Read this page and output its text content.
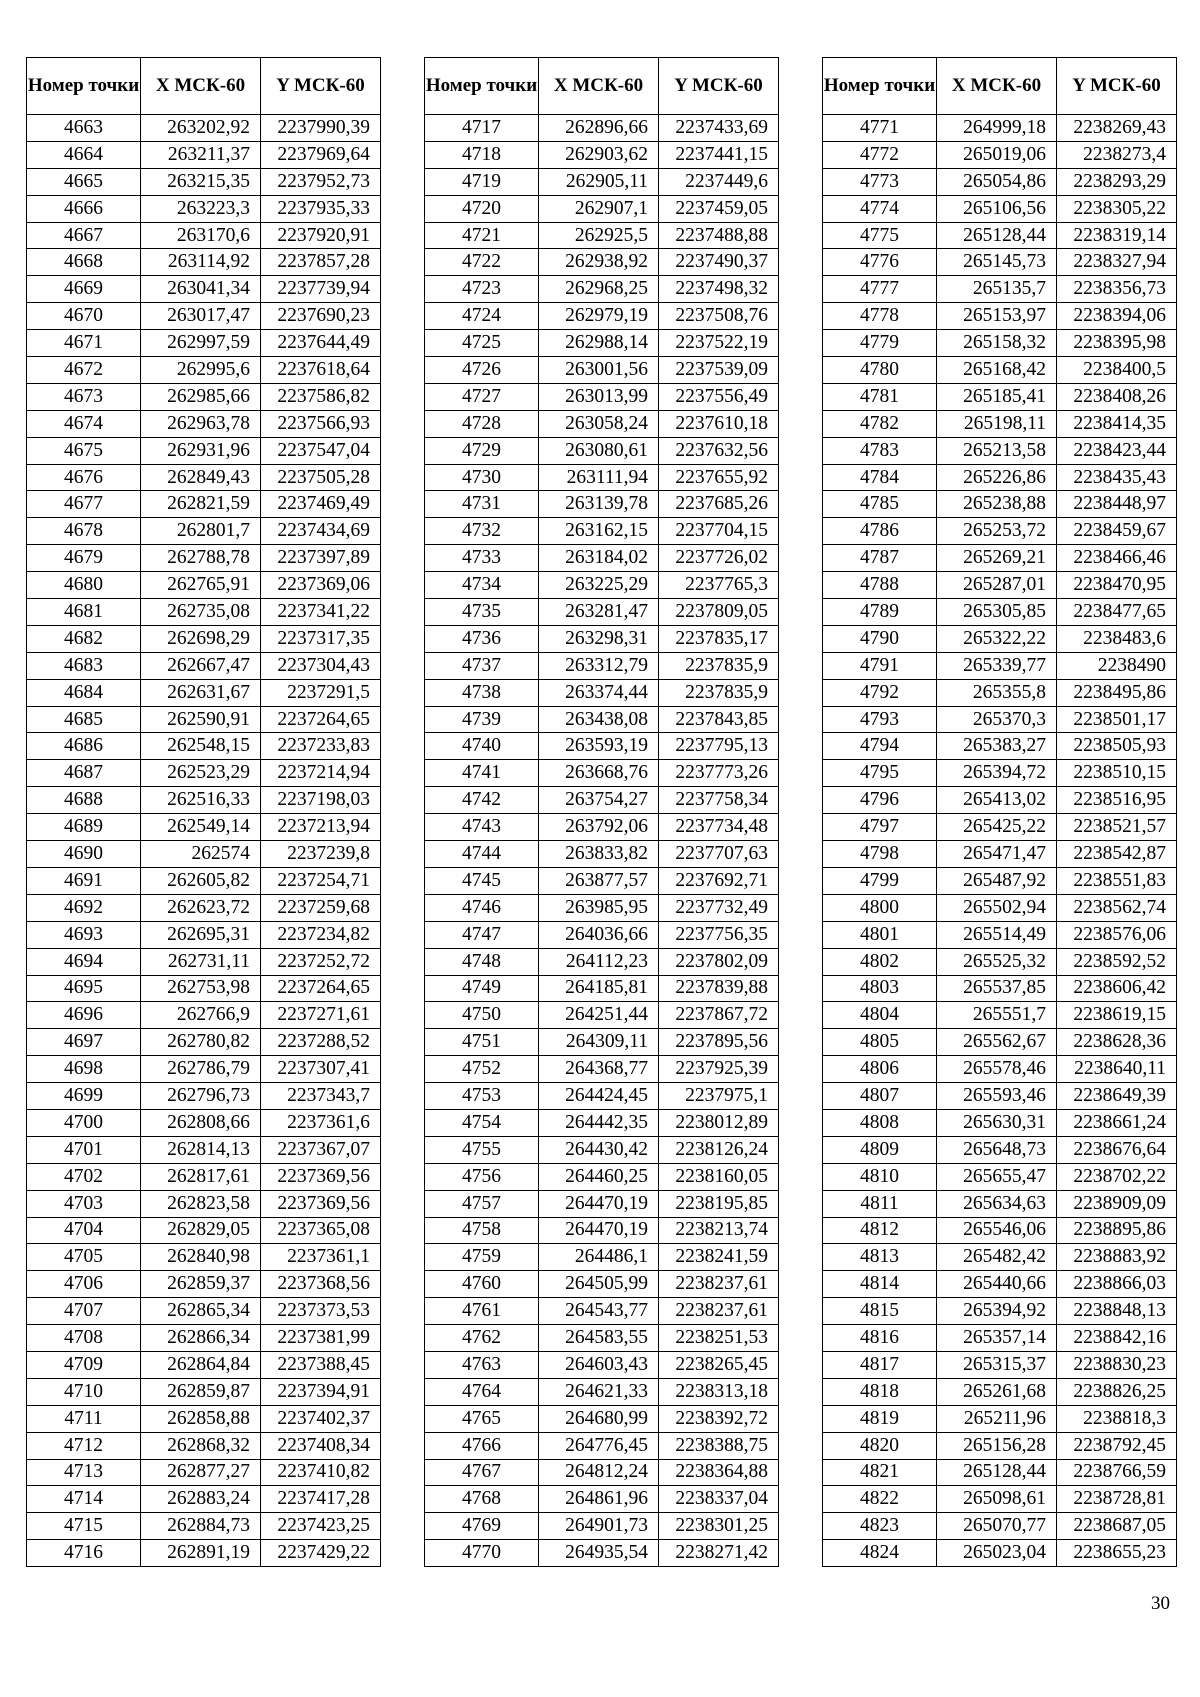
Номер точки	X МСК-60	Y МСК-60
4663	263202,92	2237990,39
4664	263211,37	2237969,64
4665	263215,35	2237952,73
4666	263223,3	2237935,33
4667	263170,6	2237920,91
4668	263114,92	2237857,28
4669	263041,34	2237739,94
4670	263017,47	2237690,23
4671	262997,59	2237644,49
4672	262995,6	2237618,64
4673	262985,66	2237586,82
4674	262963,78	2237566,93
4675	262931,96	2237547,04
4676	262849,43	2237505,28
4677	262821,59	2237469,49
4678	262801,7	2237434,69
4679	262788,78	2237397,89
4680	262765,91	2237369,06
4681	262735,08	2237341,22
4682	262698,29	2237317,35
4683	262667,47	2237304,43
4684	262631,67	2237291,5
4685	262590,91	2237264,65
4686	262548,15	2237233,83
4687	262523,29	2237214,94
4688	262516,33	2237198,03
4689	262549,14	2237213,94
4690	262574	2237239,8
4691	262605,82	2237254,71
4692	262623,72	2237259,68
4693	262695,31	2237234,82
4694	262731,11	2237252,72
4695	262753,98	2237264,65
4696	262766,9	2237271,61
4697	262780,82	2237288,52
4698	262786,79	2237307,41
4699	262796,73	2237343,7
4700	262808,66	2237361,6
4701	262814,13	2237367,07
4702	262817,61	2237369,56
4703	262823,58	2237369,56
4704	262829,05	2237365,08
4705	262840,98	2237361,1
4706	262859,37	2237368,56
4707	262865,34	2237373,53
4708	262866,34	2237381,99
4709	262864,84	2237388,45
4710	262859,87	2237394,91
4711	262858,88	2237402,37
4712	262868,32	2237408,34
4713	262877,27	2237410,82
4714	262883,24	2237417,28
4715	262884,73	2237423,25
4716	262891,19	2237429,22
Номер точки	X МСК-60	Y МСК-60
4717	262896,66	2237433,69
4718	262903,62	2237441,15
4719	262905,11	2237449,6
4720	262907,1	2237459,05
4721	262925,5	2237488,88
4722	262938,92	2237490,37
4723	262968,25	2237498,32
4724	262979,19	2237508,76
4725	262988,14	2237522,19
4726	263001,56	2237539,09
4727	263013,99	2237556,49
4728	263058,24	2237610,18
4729	263080,61	2237632,56
4730	263111,94	2237655,92
4731	263139,78	2237685,26
4732	263162,15	2237704,15
4733	263184,02	2237726,02
4734	263225,29	2237765,3
4735	263281,47	2237809,05
4736	263298,31	2237835,17
4737	263312,79	2237835,9
4738	263374,44	2237835,9
4739	263438,08	2237843,85
4740	263593,19	2237795,13
4741	263668,76	2237773,26
4742	263754,27	2237758,34
4743	263792,06	2237734,48
4744	263833,82	2237707,63
4745	263877,57	2237692,71
4746	263985,95	2237732,49
4747	264036,66	2237756,35
4748	264112,23	2237802,09
4749	264185,81	2237839,88
4750	264251,44	2237867,72
4751	264309,11	2237895,56
4752	264368,77	2237925,39
4753	264424,45	2237975,1
4754	264442,35	2238012,89
4755	264430,42	2238126,24
4756	264460,25	2238160,05
4757	264470,19	2238195,85
4758	264470,19	2238213,74
4759	264486,1	2238241,59
4760	264505,99	2238237,61
4761	264543,77	2238237,61
4762	264583,55	2238251,53
4763	264603,43	2238265,45
4764	264621,33	2238313,18
4765	264680,99	2238392,72
4766	264776,45	2238388,75
4767	264812,24	2238364,88
4768	264861,96	2238337,04
4769	264901,73	2238301,25
4770	264935,54	2238271,42
Номер точки	X МСК-60	Y МСК-60
4771	264999,18	2238269,43
4772	265019,06	2238273,4
4773	265054,86	2238293,29
4774	265106,56	2238305,22
4775	265128,44	2238319,14
4776	265145,73	2238327,94
4777	265135,7	2238356,73
4778	265153,97	2238394,06
4779	265158,32	2238395,98
4780	265168,42	2238400,5
4781	265185,41	2238408,26
4782	265198,11	2238414,35
4783	265213,58	2238423,44
4784	265226,86	2238435,43
4785	265238,88	2238448,97
4786	265253,72	2238459,67
4787	265269,21	2238466,46
4788	265287,01	2238470,95
4789	265305,85	2238477,65
4790	265322,22	2238483,6
4791	265339,77	2238490
4792	265355,8	2238495,86
4793	265370,3	2238501,17
4794	265383,27	2238505,93
4795	265394,72	2238510,15
4796	265413,02	2238516,95
4797	265425,22	2238521,57
4798	265471,47	2238542,87
4799	265487,92	2238551,83
4800	265502,94	2238562,74
4801	265514,49	2238576,06
4802	265525,32	2238592,52
4803	265537,85	2238606,42
4804	265551,7	2238619,15
4805	265562,67	2238628,36
4806	265578,46	2238640,11
4807	265593,46	2238649,39
4808	265630,31	2238661,24
4809	265648,73	2238676,64
4810	265655,47	2238702,22
4811	265634,63	2238909,09
4812	265546,06	2238895,86
4813	265482,42	2238883,92
4814	265440,66	2238866,03
4815	265394,92	2238848,13
4816	265357,14	2238842,16
4817	265315,37	2238830,23
4818	265261,68	2238826,25
4819	265211,96	2238818,3
4820	265156,28	2238792,45
4821	265128,44	2238766,59
4822	265098,61	2238728,81
4823	265070,77	2238687,05
4824	265023,04	2238655,23
30
